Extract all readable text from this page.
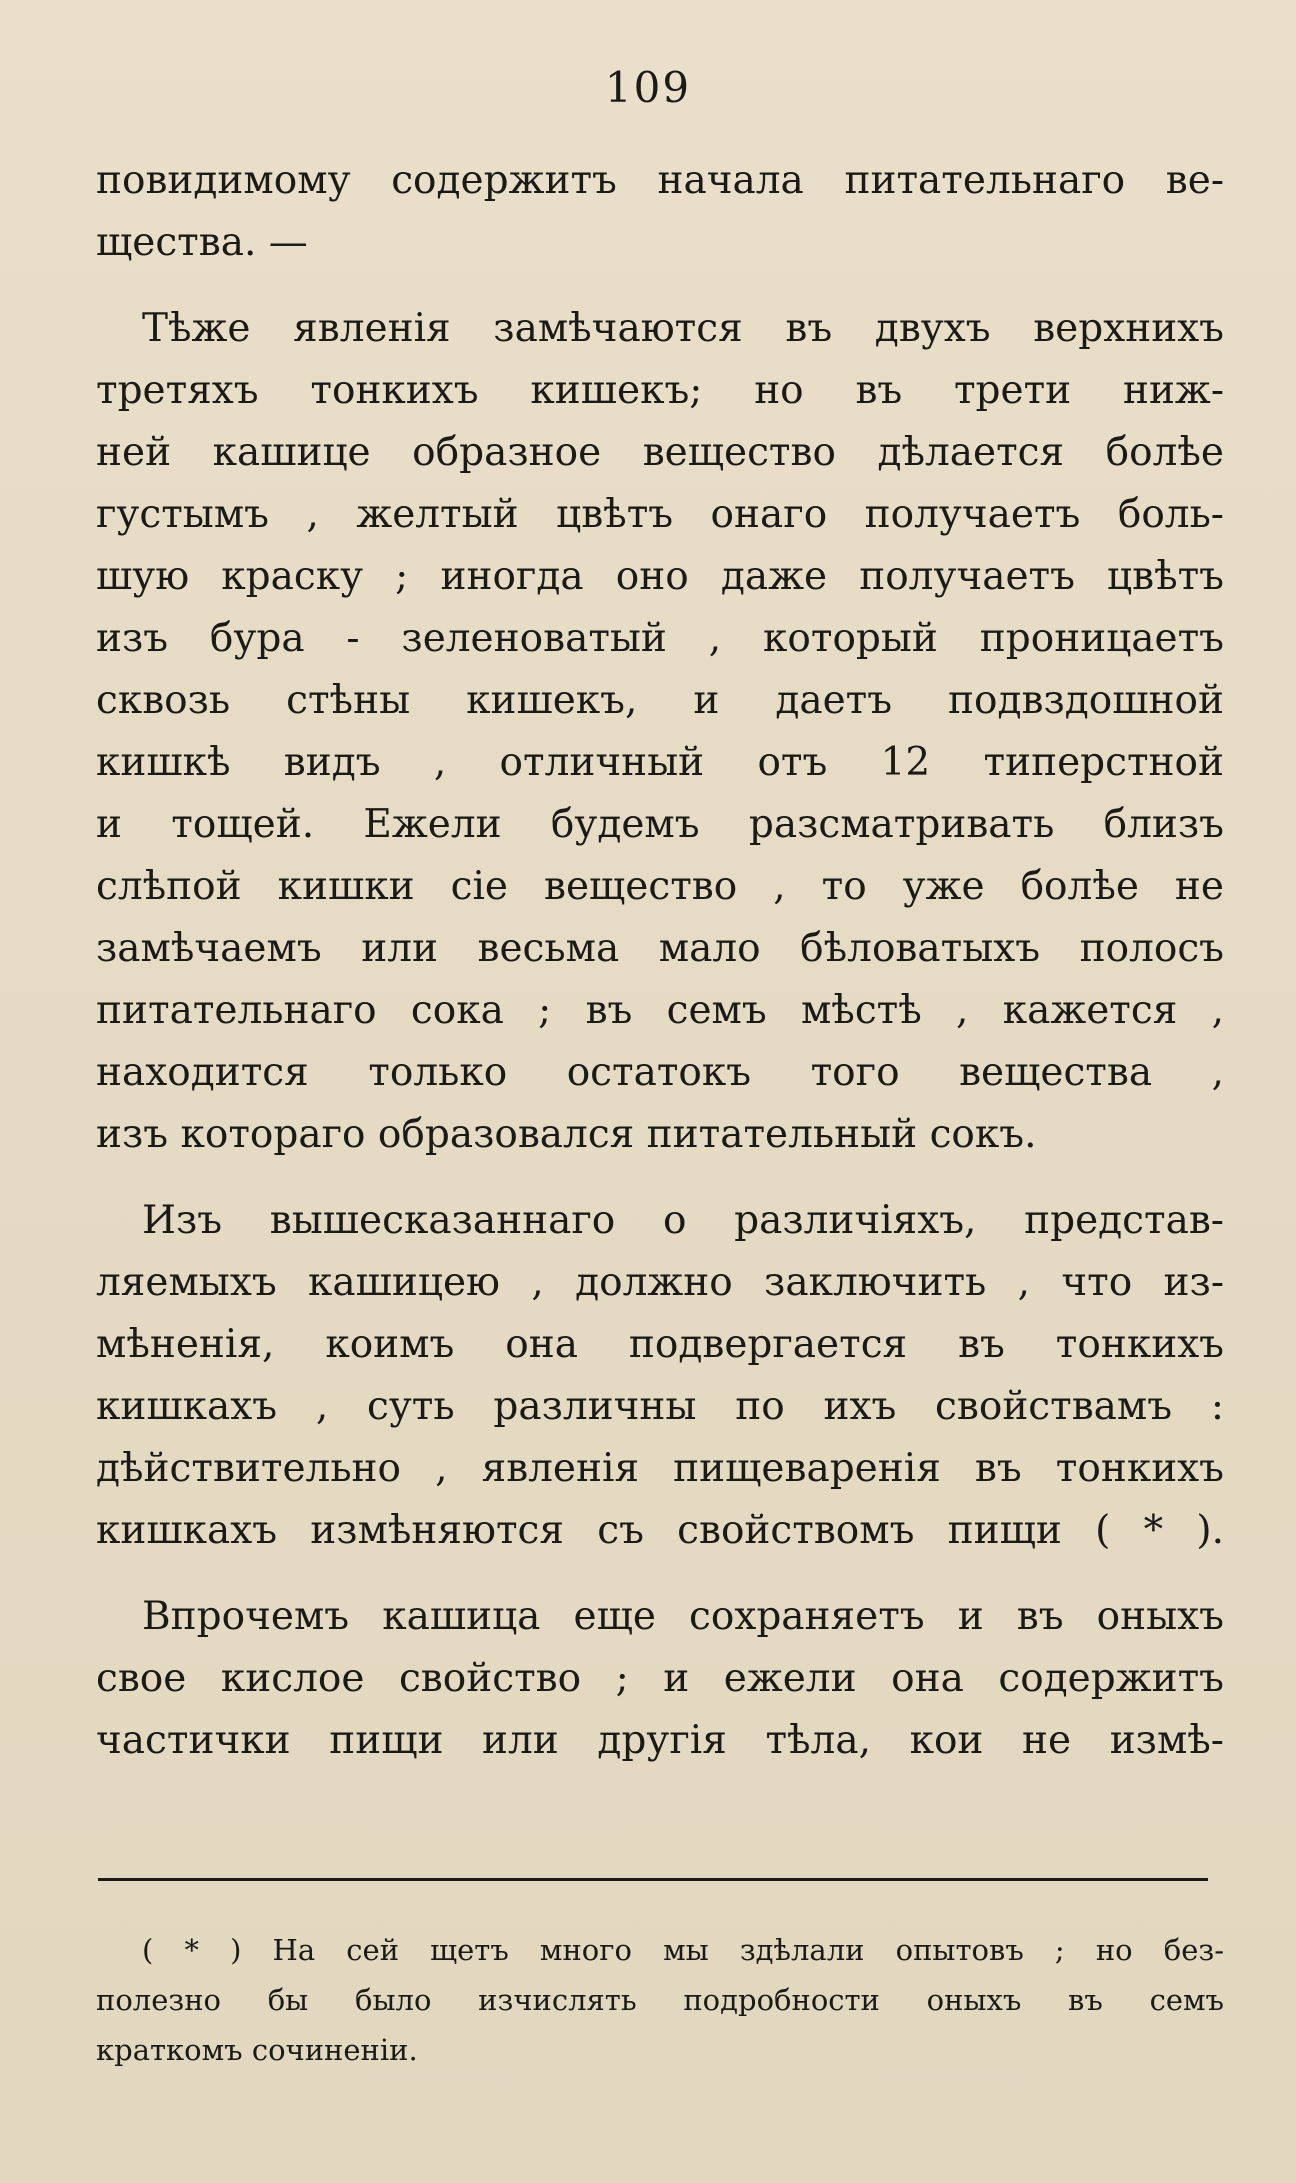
109
повидимому содержитъ начала питательнаго ве-
щества. —
Тѣже явленія замѣчаются въ двухъ верхнихъ
третяхъ тонкихъ кишекъ; но въ трети ниж-
ней кашице образное вещество дѣлается болѣе
густымъ , желтый цвѣтъ онаго получаетъ боль-
шую краску ; иногда оно даже получаетъ цвѣтъ
изъ бура - зеленоватый , который проницаетъ
сквозь стѣны кишекъ, и даетъ подвздошной
кишкѣ видъ , отличный отъ 12 типерстной
и тощей. Ежели будемъ разсматривать близъ
слѣпой кишки сіе вещество , то уже болѣе не
замѣчаемъ или весьма мало бѣловатыхъ полосъ
питательнаго сока ; въ семъ мѣстѣ , кажется ,
находится только остатокъ того вещества ,
изъ котораго образовался питательный сокъ.
Изъ вышесказаннаго о различіяхъ, предстaв-
ляемыхъ кашицею , должно заключить , что из-
мѣненія, коимъ она подвергается въ тонкихъ
кишкахъ , суть различны по ихъ свойствамъ :
дѣйствительно , явленія пищеваренія въ тонкихъ
кишкахъ измѣняются съ свойствомъ пищи ( * ).
Впрочемъ кашица еще сохраняетъ и въ оныхъ
свое кислое свойство ; и ежели она содержитъ
частички пищи или другія тѣла, кои не измѣ-
( * ) На сей щетъ много мы здѣлали опытовъ ; но без-
полезно бы было изчислять подробности оныхъ въ семъ
краткомъ сочиненіи.
